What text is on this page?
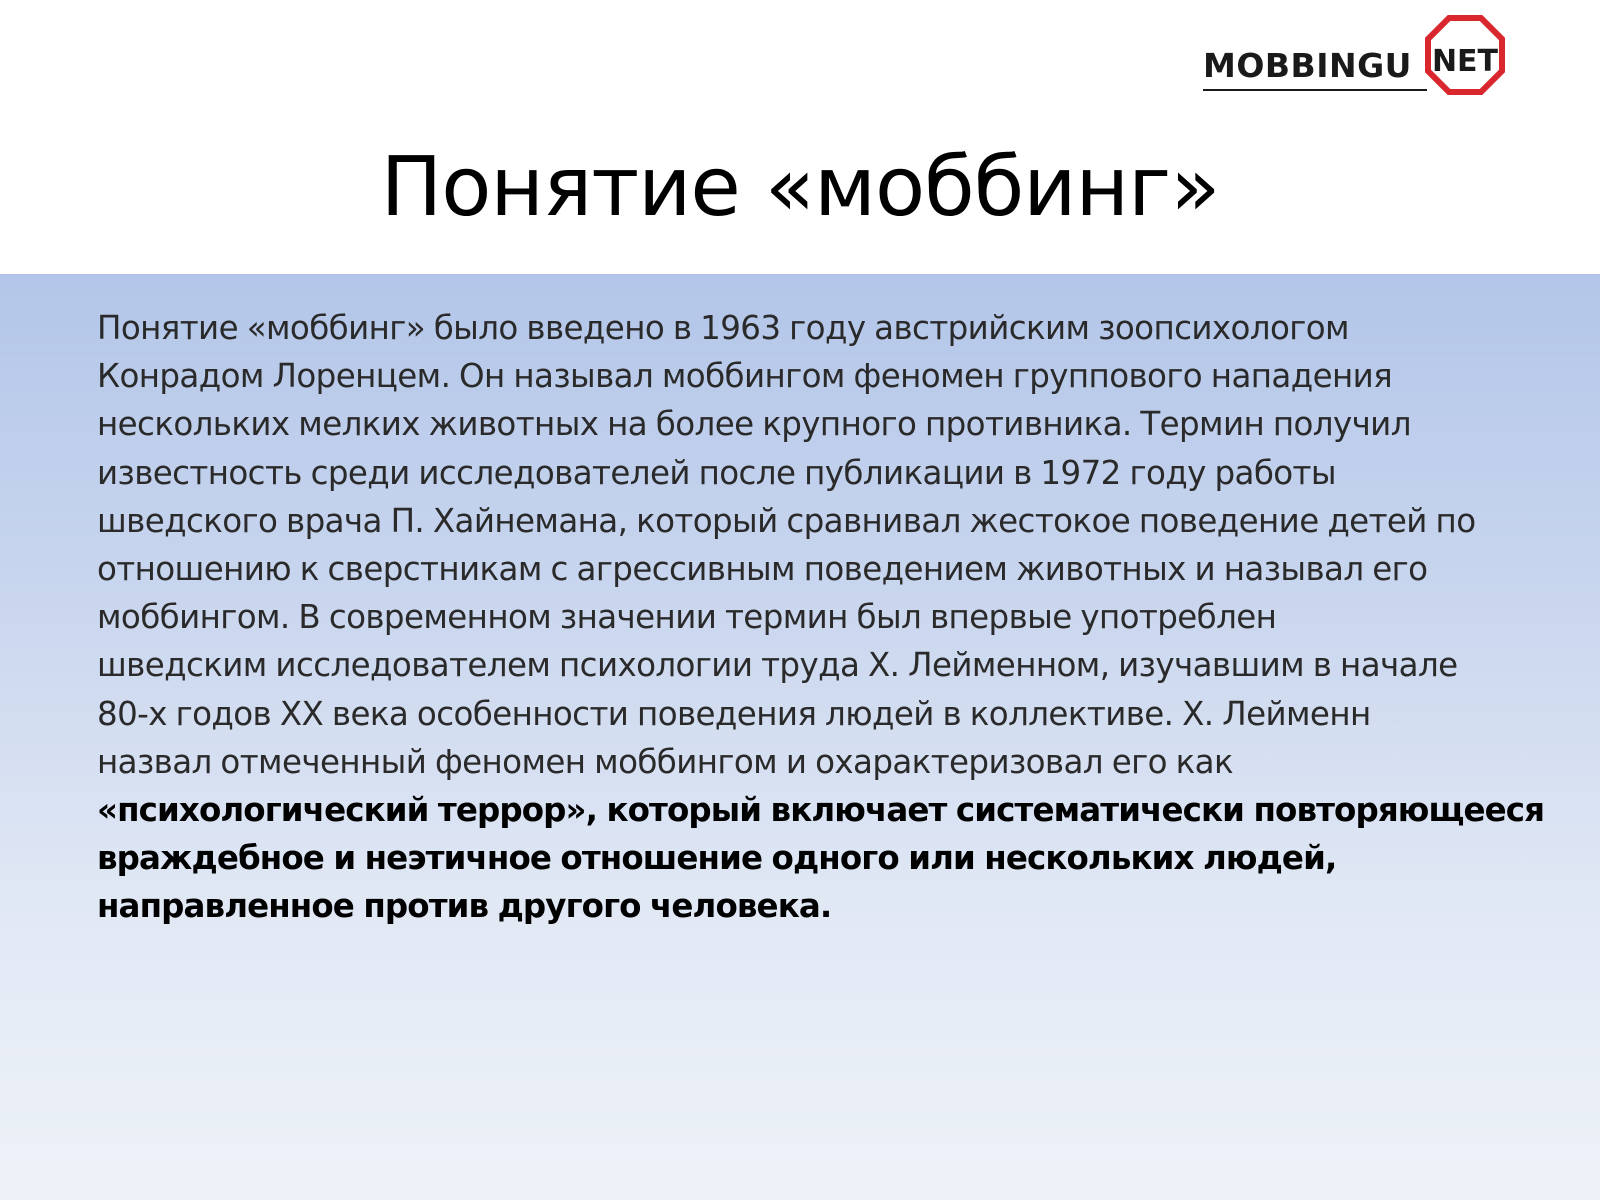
MOBBINGU NET
Понятие «моббинг»
Понятие «моббинг» было введено в 1963 году австрийским зоопсихологом
Конрадом Лоренцем. Он называл моббингом феномен группового нападения
нескольких мелких животных на более крупного противника. Термин получил
известность среди исследователей после публикации в 1972 году работы
шведского врача П. Хайнемана, который сравнивал жестокое поведение детей по
отношению к сверстникам с агрессивным поведением животных и называл его
моббингом. В современном значении термин был впервые употреблен
шведским исследователем психологии труда Х. Лейменном, изучавшим в начале
80-х годов ХХ века особенности поведения людей в коллективе. Х. Лейменн
назвал отмеченный феномен моббингом и охарактеризовал его как
«психологический террор», который включает систематически повторяющееся
враждебное и неэтичное отношение одного или нескольких людей,
направленное против другого человека.
